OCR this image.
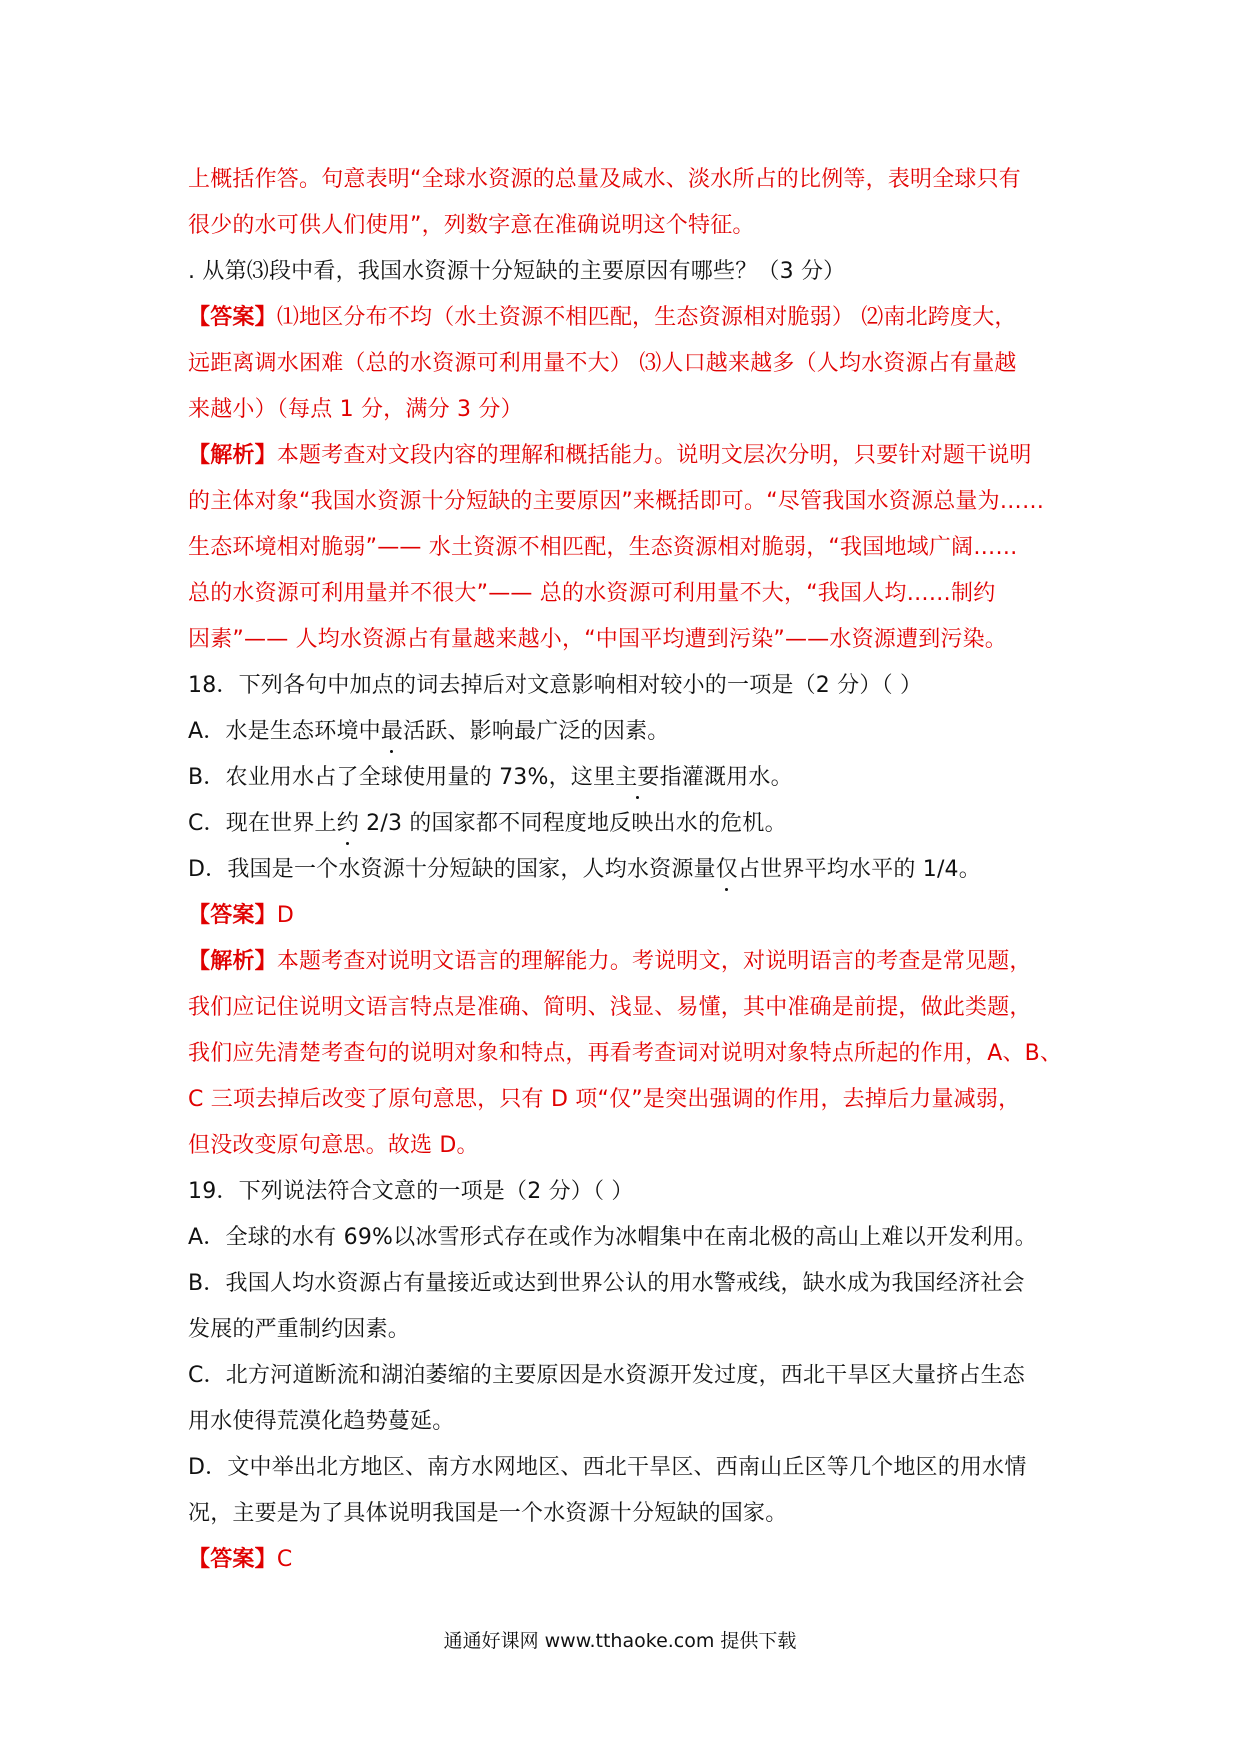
上概括作答。句意表明“全球水资源的总量及咸水、淡水所占的比例等，表明全球只有
很少的水可供人们使用”，列数字意在准确说明这个特征。
. 从第⑶段中看，我国水资源十分短缺的主要原因有哪些？（3 分）
【答案】⑴地区分布不均（水土资源不相匹配，生态资源相对脆弱） ⑵南北跨度大，
远距离调水困难（总的水资源可利用量不大） ⑶人口越来越多（人均水资源占有量越
来越小）（每点 1 分，满分 3 分）
【解析】本题考查对文段内容的理解和概括能力。说明文层次分明，只要针对题干说明
的主体对象“我国水资源十分短缺的主要原因”来概括即可。“尽管我国水资源总量为……
生态环境相对脆弱”—— 水土资源不相匹配，生态资源相对脆弱，“我国地域广阔……
总的水资源可利用量并不很大”—— 总的水资源可利用量不大，“我国人均……制约
因素”—— 人均水资源占有量越来越小，“中国平均遭到污染”——水资源遭到污染。
18．下列各句中加点的词去掉后对文意影响相对较小的一项是（2 分）（ ）
A．水是生态环境中最活跃、影响最广泛的因素。
B．农业用水占了全球使用量的 73%，这里主要指灌溉用水。
C．现在世界上约 2/3 的国家都不同程度地反映出水的危机。
D．我国是一个水资源十分短缺的国家，人均水资源量仅占世界平均水平的 1/4。
【答案】D
【解析】本题考查对说明文语言的理解能力。考说明文，对说明语言的考查是常见题，
我们应记住说明文语言特点是准确、简明、浅显、易懂，其中准确是前提，做此类题，
我们应先清楚考查句的说明对象和特点，再看考查词对说明对象特点所起的作用，A、B、
C 三项去掉后改变了原句意思，只有 D 项“仅”是突出强调的作用，去掉后力量减弱，
但没改变原句意思。故选 D。
19．下列说法符合文意的一项是（2 分）（ ）
A．全球的水有 69%以冰雪形式存在或作为冰帽集中在南北极的高山上难以开发利用。
B．我国人均水资源占有量接近或达到世界公认的用水警戒线，缺水成为我国经济社会
发展的严重制约因素。
C．北方河道断流和湖泊萎缩的主要原因是水资源开发过度，西北干旱区大量挤占生态
用水使得荒漠化趋势蔓延。
D．文中举出北方地区、南方水网地区、西北干旱区、西南山丘区等几个地区的用水情
况，主要是为了具体说明我国是一个水资源十分短缺的国家。
【答案】C
通通好课网 www.tthaoke.com 提供下载
